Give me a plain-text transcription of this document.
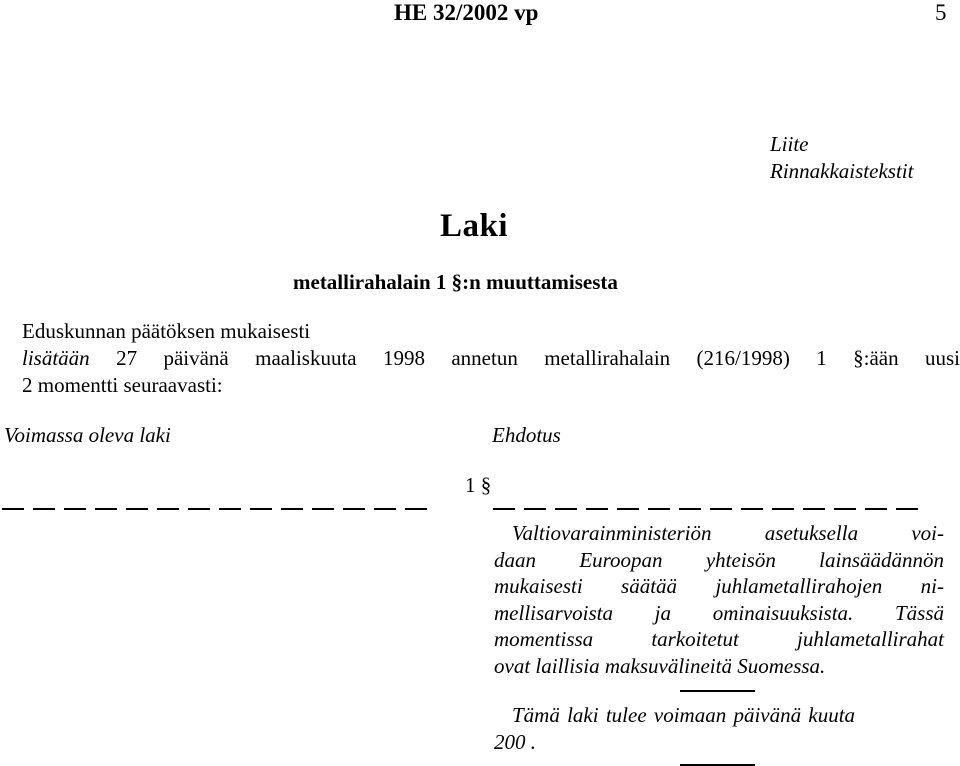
HE 32/2002 vp	5
Liite
Rinnakkaistekstit
Laki
metallirahalain 1 §:n muuttamisesta
Eduskunnan päätöksen mukaisesti
lisätään 27 päivänä maaliskuuta 1998 annetun metallirahalain (216/1998) 1 §:ään uusi
2 momentti seuraavasti:
Voimassa oleva laki	Ehdotus
1 §
Valtiovarainministeriön asetuksella voi-
daan Euroopan yhteisön lainsäädännön
mukaisesti säätää juhlametallirahojen ni-
mellisarvoista ja ominaisuuksista. Tässä
momentissa tarkoitetut juhlametallirahat
ovat laillisia maksuvälineitä Suomessa.
Tämä laki tulee voimaan päivänä kuuta
200 .
